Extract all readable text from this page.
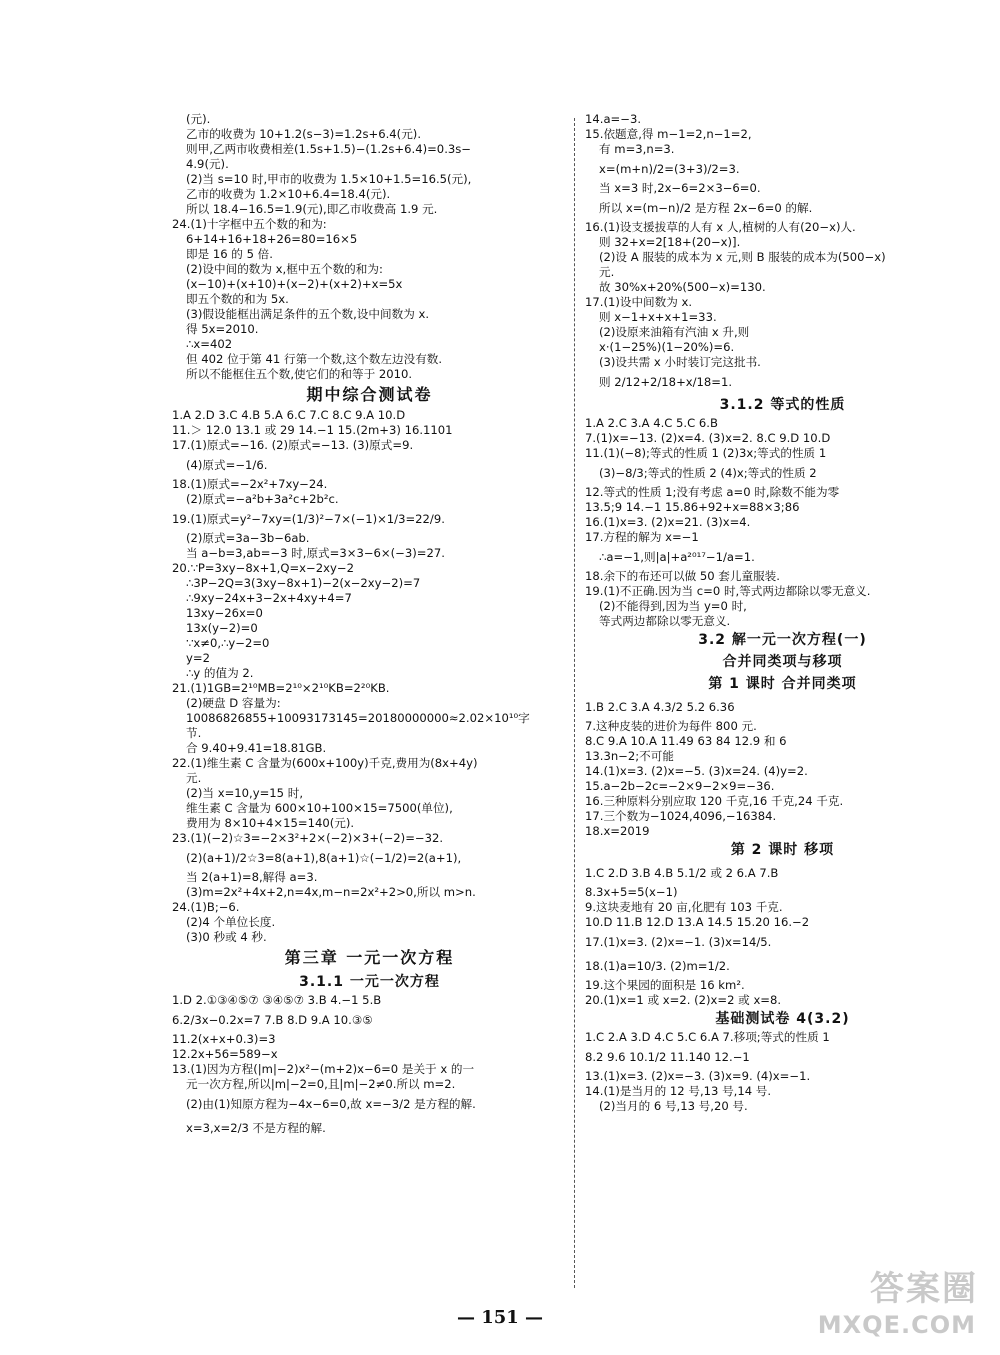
(元).
乙市的收费为 10+1.2(s−3)=1.2s+6.4(元).
则甲,乙两市收费相差(1.5s+1.5)−(1.2s+6.4)=0.3s−
4.9(元).
(2)当 s=10 时,甲市的收费为 1.5×10+1.5=16.5(元),
乙市的收费为 1.2×10+6.4=18.4(元).
所以 18.4−16.5=1.9(元),即乙市收费高 1.9 元.
24.(1)十字框中五个数的和为:
6+14+16+18+26=80=16×5
即是 16 的 5 倍.
(2)设中间的数为 x,框中五个数的和为:
(x−10)+(x+10)+(x−2)+(x+2)+x=5x
即五个数的和为 5x.
(3)假设能框出满足条件的五个数,设中间数为 x.
得 5x=2010.
∴x=402
但 402 位于第 41 行第一个数,这个数左边没有数.
所以不能框住五个数,使它们的和等于 2010.
期中综合测试卷
1.A 2.D 3.C 4.B 5.A 6.C 7.C 8.C 9.A 10.D
11.＞ 12.0 13.1 或 29 14.−1 15.(2m+3) 16.1101
17.(1)原式=−16. (2)原式=−13. (3)原式=9.
(4)原式=−1/6.
18.(1)原式=−2x²+7xy−24.
(2)原式=−a²b+3a²c+2b²c.
19.(1)原式=y²−7xy=(1/3)²−7×(−1)×1/3=22/9.
(2)原式=3a−3b−6ab.
当 a−b=3,ab=−3 时,原式=3×3−6×(−3)=27.
20.∵P=3xy−8x+1,Q=x−2xy−2
∴3P−2Q=3(3xy−8x+1)−2(x−2xy−2)=7
∴9xy−24x+3−2x+4xy+4=7
13xy−26x=0
13x(y−2)=0
∵x≠0,∴y−2=0
y=2
∴y 的值为 2.
21.(1)1GB=2¹⁰MB=2¹⁰×2¹⁰KB=2²⁰KB.
(2)硬盘 D 容量为:
10086826855+10093173145=20180000000≈2.02×10¹⁰字
节.
合 9.40+9.41=18.81GB.
22.(1)维生素 C 含量为(600x+100y)千克,费用为(8x+4y)
元.
(2)当 x=10,y=15 时,
维生素 C 含量为 600×10+100×15=7500(单位),
费用为 8×10+4×15=140(元).
23.(1)(−2)☆3=−2×3²+2×(−2)×3+(−2)=−32.
(2)(a+1)/2☆3=8(a+1),8(a+1)☆(−1/2)=2(a+1),
当 2(a+1)=8,解得 a=3.
(3)m=2x²+4x+2,n=4x,m−n=2x²+2>0,所以 m>n.
24.(1)B;−6.
(2)4 个单位长度.
(3)0 秒或 4 秒.
第三章 一元一次方程
3.1.1 一元一次方程
1.D 2.①③④⑤⑦ ③④⑤⑦ 3.B 4.−1 5.B
6.2/3x−0.2x=7 7.B 8.D 9.A 10.③⑤
11.2(x+x+0.3)=3
12.2x+56=589−x
13.(1)因为方程(|m|−2)x²−(m+2)x−6=0 是关于 x 的一
元一次方程,所以|m|−2=0,且|m|−2≠0.所以 m=2.
(2)由(1)知原方程为−4x−6=0,故 x=−3/2 是方程的解.
x=3,x=2/3 不是方程的解.
14.a=−3.
15.依题意,得 m−1=2,n−1=2,
有 m=3,n=3.
x=(m+n)/2=(3+3)/2=3.
当 x=3 时,2x−6=2×3−6=0.
所以 x=(m−n)/2 是方程 2x−6=0 的解.
16.(1)设支援拔草的人有 x 人,植树的人有(20−x)人.
则 32+x=2[18+(20−x)].
(2)设 A 服装的成本为 x 元,则 B 服装的成本为(500−x)
元.
故 30%x+20%(500−x)=130.
17.(1)设中间数为 x.
则 x−1+x+x+1=33.
(2)设原来油箱有汽油 x 升,则
x·(1−25%)(1−20%)=6.
(3)设共需 x 小时装订完这批书.
则 2/12+2/18+x/18=1.
3.1.2 等式的性质
1.A 2.C 3.A 4.C 5.C 6.B
7.(1)x=−13. (2)x=4. (3)x=2. 8.C 9.D 10.D
11.(1)(−8);等式的性质 1 (2)3x;等式的性质 1
(3)−8/3;等式的性质 2 (4)x;等式的性质 2
12.等式的性质 1;没有考虑 a=0 时,除数不能为零
13.5;9 14.−1 15.86+92+x=88×3;86
16.(1)x=3. (2)x=21. (3)x=4.
17.方程的解为 x=−1
∴a=−1,则|a|+a²⁰¹⁷−1/a=1.
18.余下的布还可以做 50 套儿童服装.
19.(1)不正确.因为当 c=0 时,等式两边都除以零无意义.
(2)不能得到,因为当 y=0 时,
等式两边都除以零无意义.
3.2 解一元一次方程(一)
合并同类项与移项
第 1 课时 合并同类项
1.B 2.C 3.A 4.3/2 5.2 6.36
7.这种皮装的进价为每件 800 元.
8.C 9.A 10.A 11.49 63 84 12.9 和 6
13.3n−2;不可能
14.(1)x=3. (2)x=−5. (3)x=24. (4)y=2.
15.a−2b−2c=−2×9−2×9=−36.
16.三种原料分别应取 120 千克,16 千克,24 千克.
17.三个数为−1024,4096,−16384.
18.x=2019
第 2 课时 移项
1.C 2.D 3.B 4.B 5.1/2 或 2 6.A 7.B
8.3x+5=5(x−1)
9.这块麦地有 20 亩,化肥有 103 千克.
10.D 11.B 12.D 13.A 14.5 15.20 16.−2
17.(1)x=3. (2)x=−1. (3)x=14/5.
18.(1)a=10/3. (2)m=1/2.
19.这个果园的面积是 16 km².
20.(1)x=1 或 x=2. (2)x=2 或 x=8.
基础测试卷 4(3.2)
1.C 2.A 3.D 4.C 5.C 6.A 7.移项;等式的性质 1
8.2 9.6 10.1/2 11.140 12.−1
13.(1)x=3. (2)x=−3. (3)x=9. (4)x=−1.
14.(1)是当月的 12 号,13 号,14 号.
(2)当月的 6 号,13 号,20 号.
— 151 —
答案圈
MXQE.COM
